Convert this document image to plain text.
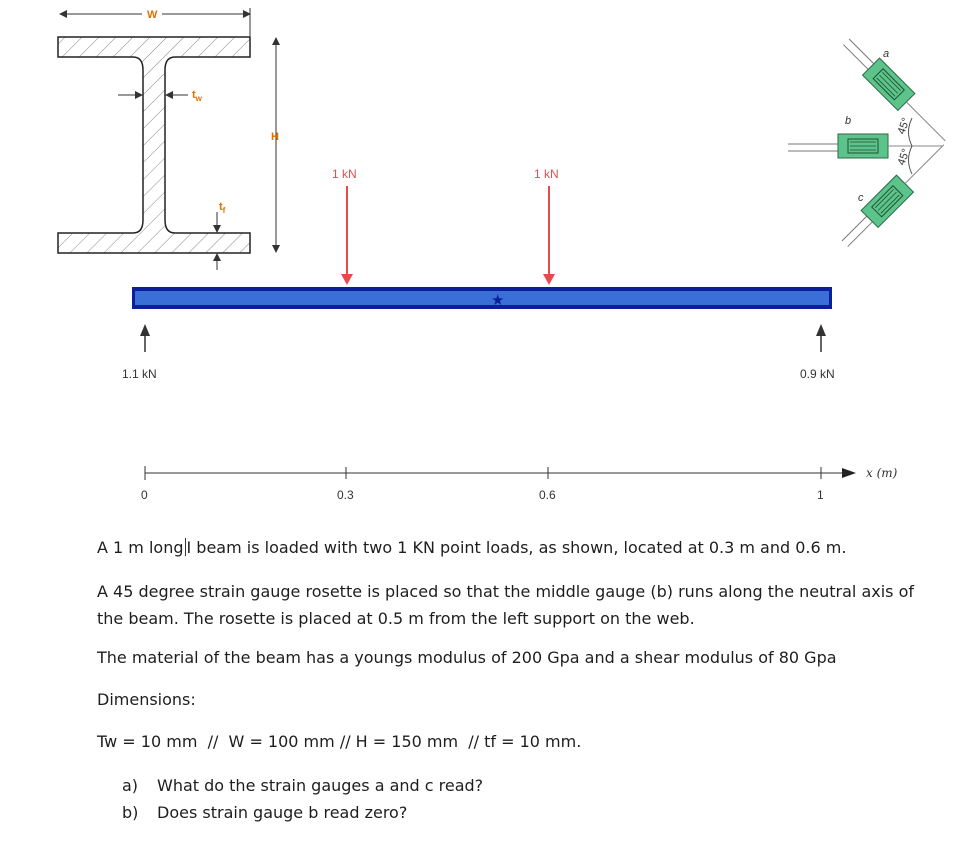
W
$t_w$
$t_f$
H
1 kN	1 kN
★
1.1 kN	0.9 kN
0	0.3	0.6	1
x (m)
b
a
c
45°
45°

A 1 m long I beam is loaded with two 1 KN point loads, as shown, located at 0.3 m and 0.6 m.

A 45 degree strain gauge rosette is placed so that the middle gauge (b) runs along the neutral axis of the beam. The rosette is placed at 0.5 m from the left support on the web.

The material of the beam has a youngs modulus of 200 Gpa and a shear modulus of 80 Gpa

Dimensions:

Tw = 10 mm  //  W = 100 mm // H = 150 mm  // tf = 10 mm.

a)	What do the strain gauges a and c read?
b)	Does strain gauge b read zero?
